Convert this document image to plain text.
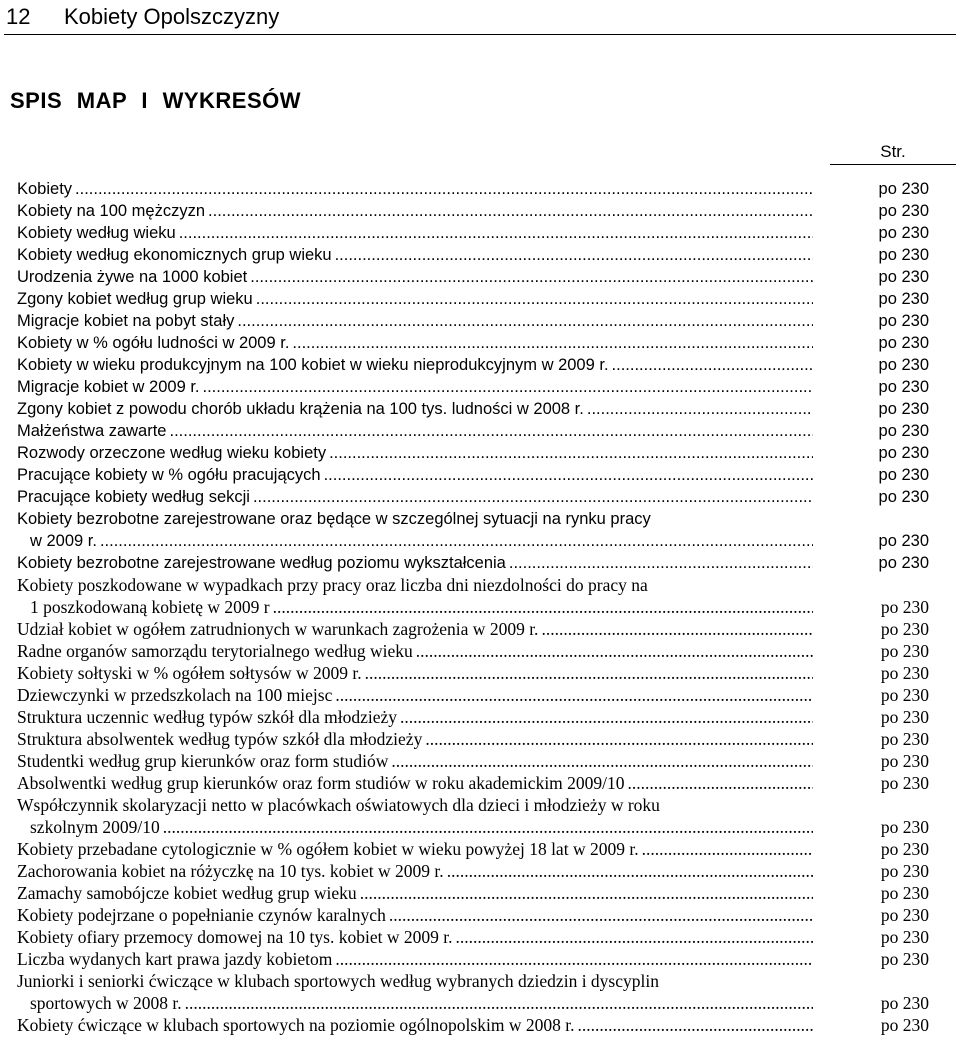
12	Kobiety Opolszczyzny
SPIS MAP I WYKRESÓW
Str.
Kobiety .....	po 230
Kobiety na 100 mężczyzn .....	po 230
Kobiety według wieku .....	po 230
Kobiety według ekonomicznych grup wieku .....	po 230
Urodzenia żywe na 1000 kobiet .....	po 230
Zgony kobiet według grup wieku .....	po 230
Migracje kobiet na pobyt stały .....	po 230
Kobiety w % ogółu ludności w 2009 r. .....	po 230
Kobiety w wieku produkcyjnym na 100 kobiet w wieku nieprodukcyjnym w 2009 r. .....	po 230
Migracje kobiet w 2009 r. .....	po 230
Zgony kobiet z powodu chorób układu krążenia na 100 tys. ludności w 2008 r. .....	po 230
Małżeństwa zawarte .....	po 230
Rozwody orzeczone według wieku kobiety .....	po 230
Pracujące kobiety w % ogółu pracujących .....	po 230
Pracujące kobiety według sekcji .....	po 230
Kobiety bezrobotne zarejestrowane oraz będące w szczególnej sytuacji na rynku pracy
w 2009 r. .....	po 230
Kobiety bezrobotne zarejestrowane według poziomu wykształcenia .....	po 230
Kobiety poszkodowane w wypadkach przy pracy oraz liczba dni niezdolności do pracy na
1 poszkodowaną kobietę w 2009 r .....	po 230
Udział kobiet w ogółem zatrudnionych w warunkach zagrożenia w 2009 r. .....	po 230
Radne organów samorządu terytorialnego według wieku .....	po 230
Kobiety sołtyski w % ogółem sołtysów w 2009 r. .....	po 230
Dziewczynki w przedszkolach na 100 miejsc .....	po 230
Struktura uczennic według typów szkół dla młodzieży .....	po 230
Struktura absolwentek według typów szkół dla młodzieży .....	po 230
Studentki według grup kierunków oraz form studiów .....	po 230
Absolwentki według grup kierunków oraz form studiów w roku akademickim 2009/10 .....	po 230
Współczynnik skolaryzacji netto w placówkach oświatowych dla dzieci i młodzieży w roku
szkolnym 2009/10 .....	po 230
Kobiety przebadane cytologicznie w % ogółem kobiet w wieku powyżej 18 lat w 2009 r. .....	po 230
Zachorowania kobiet na różyczkę na 10 tys. kobiet w 2009 r. .....	po 230
Zamachy samobójcze kobiet według grup wieku .....	po 230
Kobiety podejrzane o popełnianie czynów karalnych .....	po 230
Kobiety ofiary przemocy domowej na 10 tys. kobiet w 2009 r. .....	po 230
Liczba wydanych kart prawa jazdy kobietom .....	po 230
Juniorki i seniorki ćwiczące w klubach sportowych według wybranych dziedzin i dyscyplin
sportowych w 2008 r. .....	po 230
Kobiety ćwiczące w klubach sportowych na poziomie ogólnopolskim w 2008 r. .....	po 230
